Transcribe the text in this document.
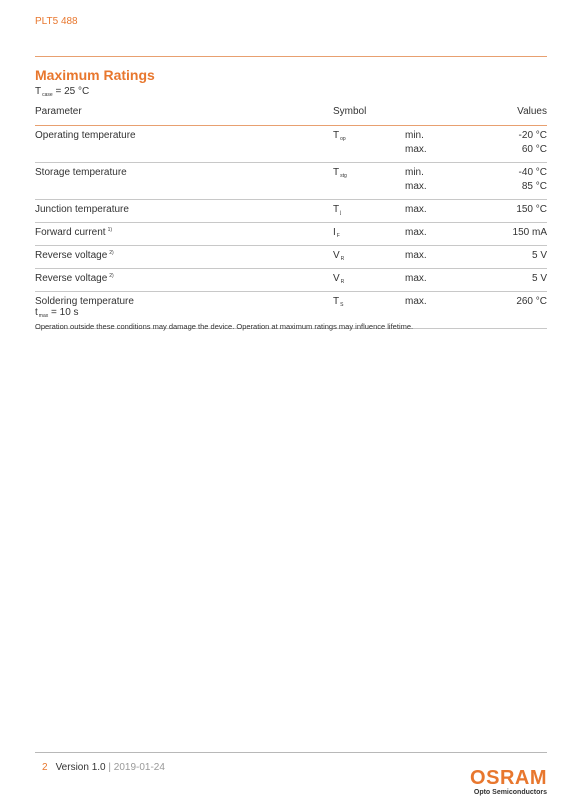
PLT5 488
Maximum Ratings
$T_{case} = 25$ °C
Parameter	Symbol	Values
Operating temperature	$T_{op}$	min.	-20 °C
max.	60 °C
Storage temperature	$T_{stg}$	min.	-40 °C
max.	85 °C
Junction temperature	$T_j$	max.	150 °C
Forward current $^{1)}$	$I_F$	max.	150 mA
Reverse voltage $^{2)}$	$V_R$	max.	5 V
Reverse voltage $^{2)}$	$V_R$	max.	5 V
Soldering temperature
$t_{max} = 10$ s
$T_S$	max.	260 °C
Operation outside these conditions may damage the device. Operation at maximum ratings may influence lifetime.
2 Version 1.0 | 2019-01-24	OSRAM
Opto Semiconductors
